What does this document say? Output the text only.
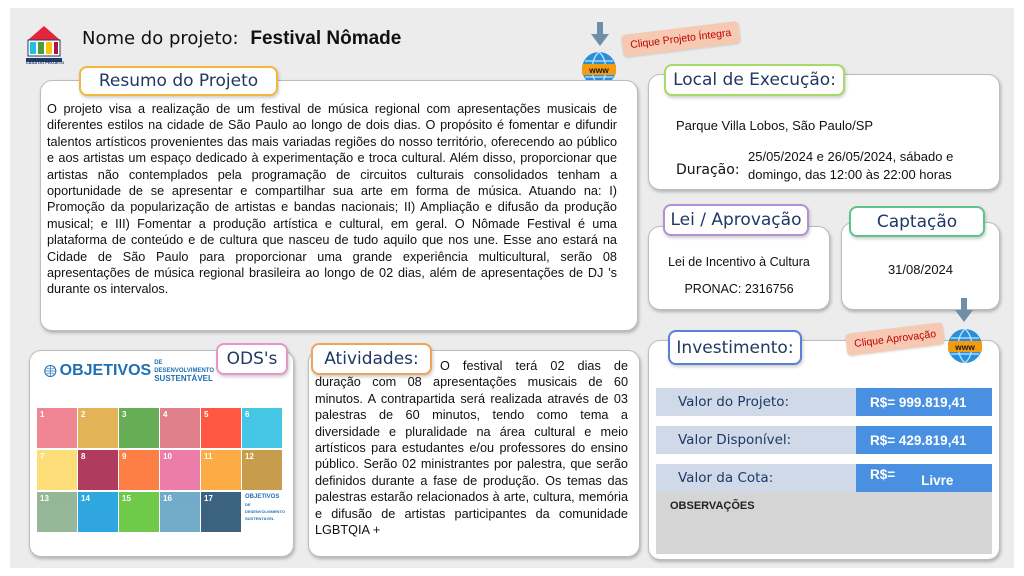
CASA DO PROJETO
Nome do projeto: Festival Nômade
www
Clique Projeto Íntegra
Resumo do Projeto
O projeto visa a realização de um festival de música regional com apresentações musicais de diferentes estilos na cidade de São Paulo ao longo de dois dias. O propósito é fomentar e difundir talentos artísticos provenientes das mais variadas regiões do nosso território, oferecendo ao público e aos artistas um espaço dedicado à experimentação e troca cultural. Além disso, proporcionar que artistas não contemplados pela programação de circuitos culturais consolidados tenham a oportunidade de se apresentar e compartilhar sua arte em forma de música. Atuando na: I) Promoção da popularização de artistas e bandas nacionais; II) Ampliação e difusão da produção musical; e III) Fomentar a produção artística e cultural, em geral. O Nômade Festival é uma plataforma de conteúdo e de cultura que nasceu de tudo aquilo que nos une. Esse ano estará na Cidade de São Paulo para proporcionar uma grande experiência multicultural, serão 08 apresentações de música regional brasileira ao longo de 02 dias, além de apresentações de DJ 's durante os intervalos.
Local de Execução:
Parque Villa Lobos, São Paulo/SP
Duração:
25/05/2024 e 26/05/2024, sábado e domingo, das 12:00 às 22:00 horas
Lei / Aprovação
Lei de Incentivo à Cultura
PRONAC: 2316756
Captação
31/08/2024
ODS's
OBJETIVOS DE DESENVOLVIMENTO
SUSTENTÁVEL
1	2	3	4	5	6
7	8	9	10	11	12
13	14	15	16	17	OBJETIVOS
DE DESENVOLVIMENTO SUSTENTÁVEL
Atividades:	O festival terá 02 dias de duração com 08 apresentações musicais de 60 minutos. A contrapartida será realizada através de 03 palestras de 60 minutos, tendo como tema a diversidade e pluralidade na área cultural e meio artísticos para estudantes e/ou professores do ensino público. Serão 02 ministrantes por palestra, que serão definidos durante a fase de produção. Os temas das palestras estarão relacionados à arte, cultura, memória e difusão de artistas participantes da comunidade LGBTQIA +
Investimento:	Clique Aprovação	www
Valor do Projeto:	R$= 999.819,41
Valor Disponível:	R$= 429.819,41
Valor da Cota:	R$= Livre
OBSERVAÇÕES
